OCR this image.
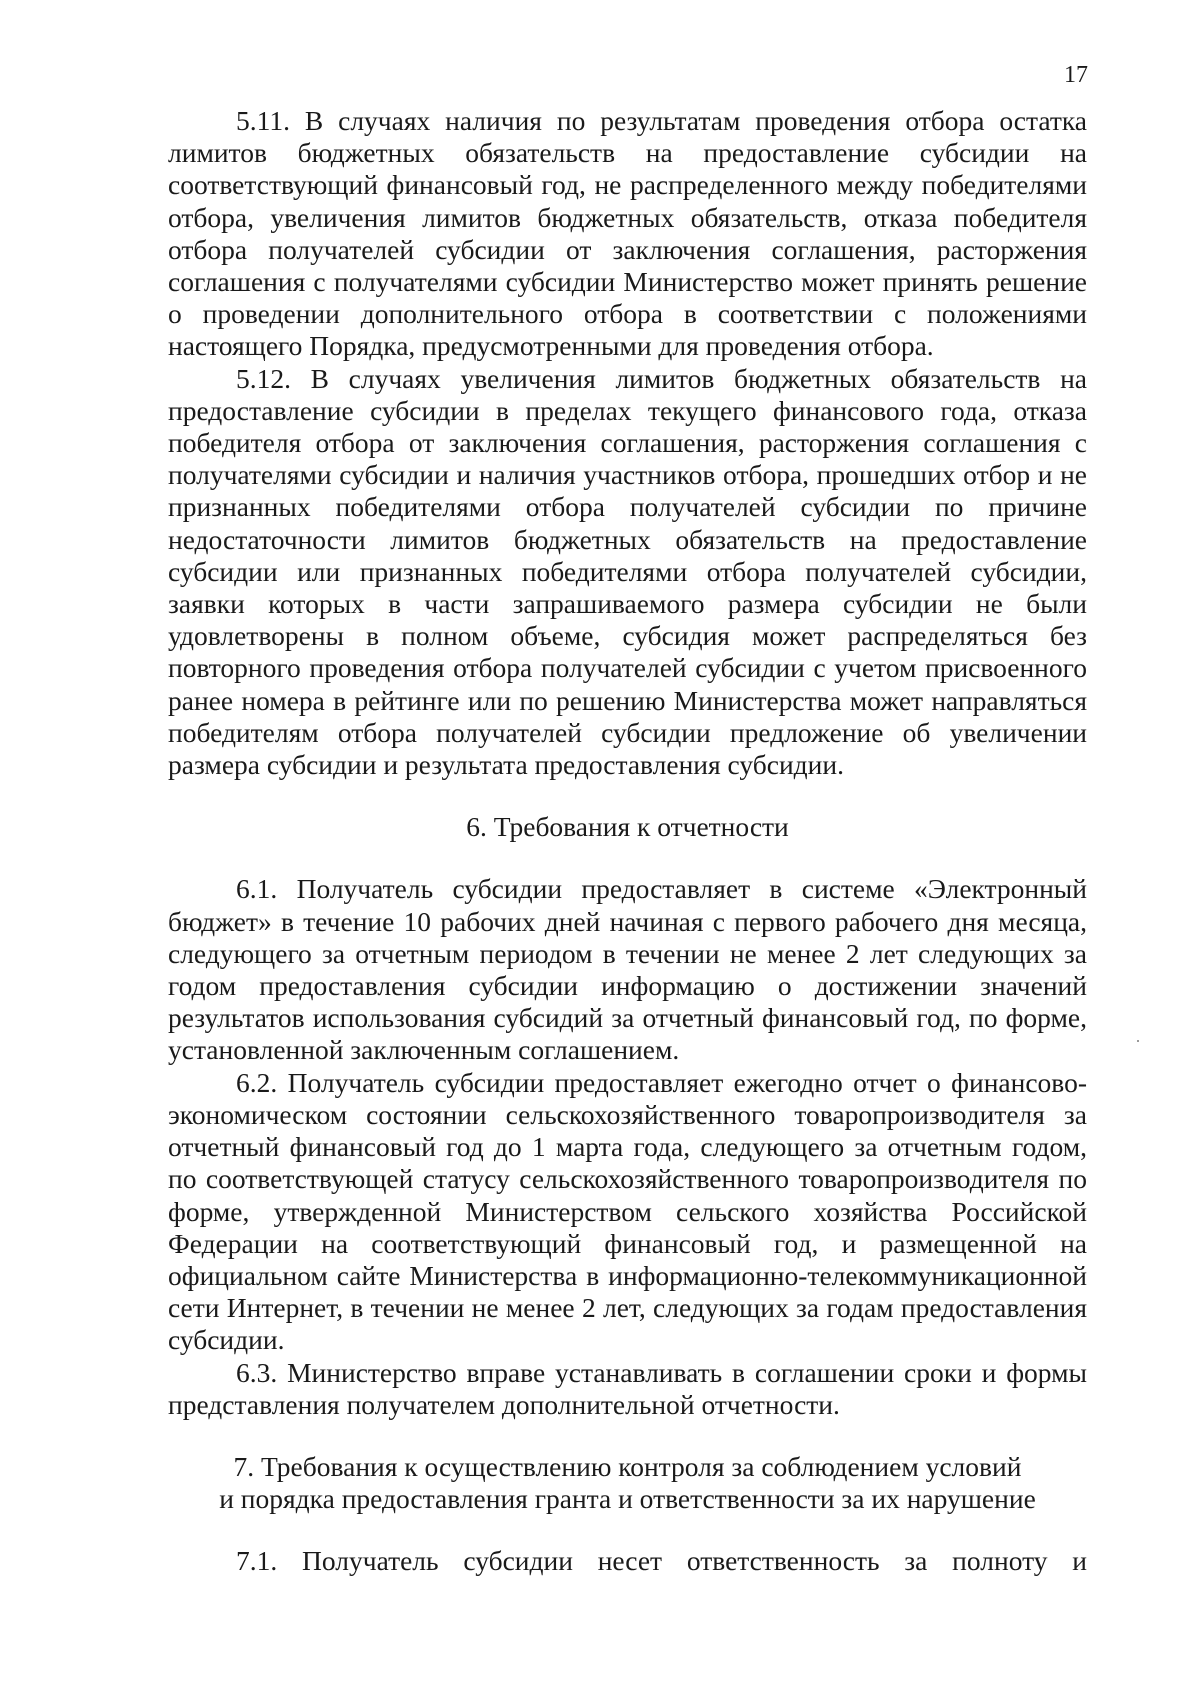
17

5.11. В случаях наличия по результатам проведения отбора остатка лимитов бюджетных обязательств на предоставление субсидии на соответствующий финансовый год, не распределенного между победителями отбора, увеличения лимитов бюджетных обязательств, отказа победителя отбора получателей субсидии от заключения соглашения, расторжения соглашения с получателями субсидии Министерство может принять решение о проведении дополнительного отбора в соответствии с положениями настоящего Порядка, предусмотренными для проведения отбора.

5.12. В случаях увеличения лимитов бюджетных обязательств на предоставление субсидии в пределах текущего финансового года, отказа победителя отбора от заключения соглашения, расторжения соглашения с получателями субсидии и наличия участников отбора, прошедших отбор и не признанных победителями отбора получателей субсидии по причине недостаточности лимитов бюджетных обязательств на предоставление субсидии или признанных победителями отбора получателей субсидии, заявки которых в части запрашиваемого размера субсидии не были удовлетворены в полном объеме, субсидия может распределяться без повторного проведения отбора получателей субсидии с учетом присвоенного ранее номера в рейтинге или по решению Министерства может направляться победителям отбора получателей субсидии предложение об увеличении размера субсидии и результата предоставления субсидии.

6. Требования к отчетности

6.1. Получатель субсидии предоставляет в системе «Электронный бюджет» в течение 10 рабочих дней начиная с первого рабочего дня месяца, следующего за отчетным периодом в течении не менее 2 лет следующих за годом предоставления субсидии информацию о достижении значений результатов использования субсидий за отчетный финансовый год, по форме, установленной заключенным соглашением.

6.2. Получатель субсидии предоставляет ежегодно отчет о финансово-экономическом состоянии сельскохозяйственного товаропроизводителя за отчетный финансовый год до 1 марта года, следующего за отчетным годом, по соответствующей статусу сельскохозяйственного товаропроизводителя по форме, утвержденной Министерством сельского хозяйства Российской Федерации на соответствующий финансовый год, и размещенной на официальном сайте Министерства в информационно-телекоммуникационной сети Интернет, в течении не менее 2 лет, следующих за годам предоставления субсидии.

6.3. Министерство вправе устанавливать в соглашении сроки и формы представления получателем дополнительной отчетности.

7. Требования к осуществлению контроля за соблюдением условий
и порядка предоставления гранта и ответственности за их нарушение

7.1. Получатель субсидии несет ответственность за полноту и
